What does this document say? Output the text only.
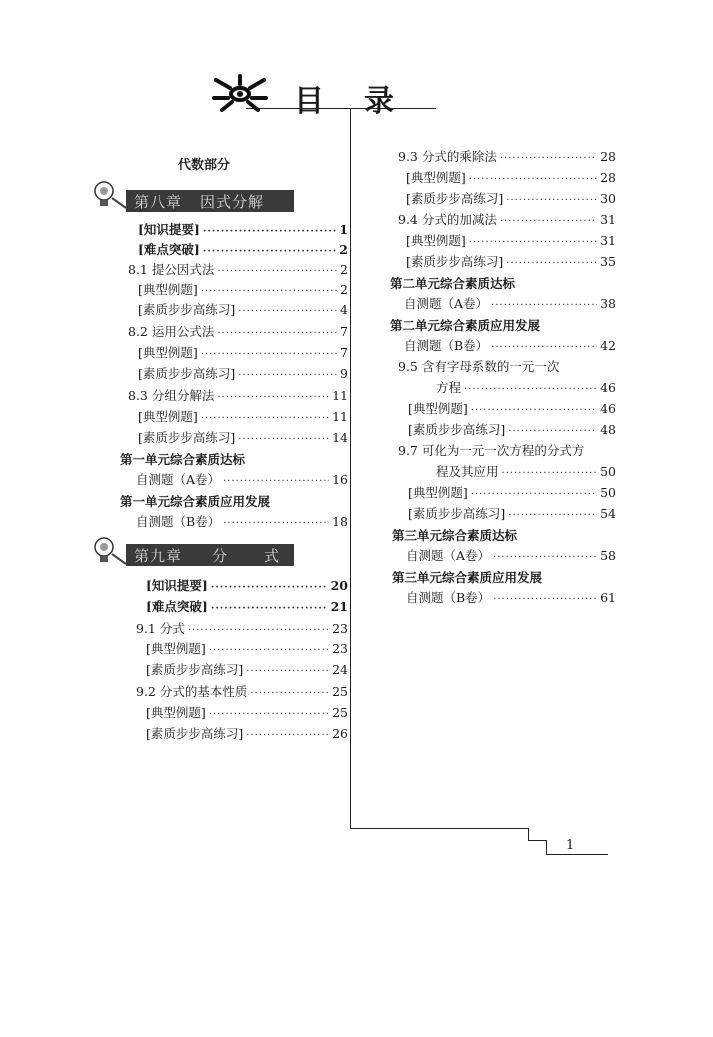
目 录
代数部分
第八章 因式分解
第九章 分 式
[知识提要] ·····	1
[难点突破] ·····	2
8.1 提公因式法 ·····	2
[典型例题] ·····	2
[素质步步高练习] ·····	4
8.2 运用公式法 ·····	7
[典型例题] ·····	7
[素质步步高练习] ·····	9
8.3 分组分解法 ·····	11
[典型例题] ·····	11
[素质步步高练习] ·····	14
第一单元综合素质达标
自测题（A卷） ·····	16
第一单元综合素质应用发展
自测题（B卷） ·····	18
[知识提要] ·····	20
[难点突破] ·····	21
9.1 分式 ·····	23
[典型例题] ·····	23
[素质步步高练习] ·····	24
9.2 分式的基本性质 ·····	25
[典型例题] ·····	25
[素质步步高练习] ·····	26
9.3 分式的乘除法 ·····	28
[典型例题] ·····	28
[素质步步高练习] ·····	30
9.4 分式的加减法 ·····	31
[典型例题] ·····	31
[素质步步高练习] ·····	35
第二单元综合素质达标
自测题（A卷） ·····	38
第二单元综合素质应用发展
自测题（B卷） ·····	42
9.5 含有字母系数的一元一次
方程 ·····	46
[典型例题] ·····	46
[素质步步高练习] ·····	48
9.7 可化为一元一次方程的分式方
程及其应用 ·····	50
[典型例题] ·····	50
[素质步步高练习] ·····	54
第三单元综合素质达标
自测题（A卷） ·····	58
第三单元综合素质应用发展
自测题（B卷） ·····	61
1
